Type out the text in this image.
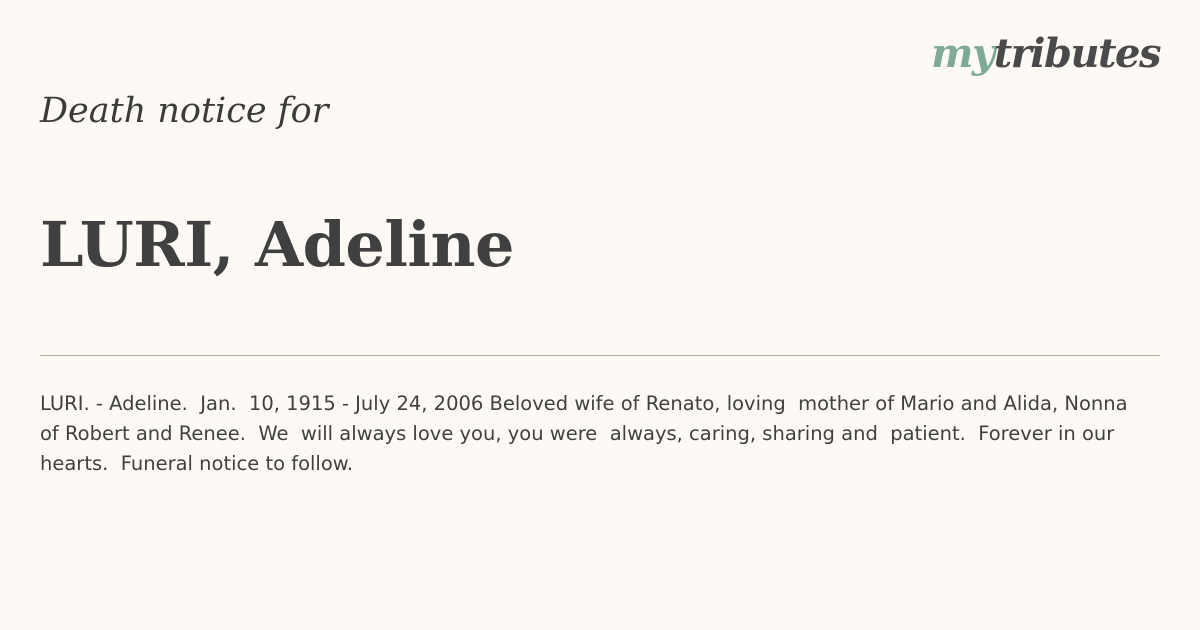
mytributes
Death notice for
LURI, Adeline

LURI. - Adeline.  Jan.  10, 1915 - July 24, 2006 Beloved wife of Renato, loving  mother of Mario and Alida, Nonna of Robert and Renee.  We  will always love you, you were  always, caring, sharing and  patient.  Forever in our hearts.  Funeral notice to follow.
